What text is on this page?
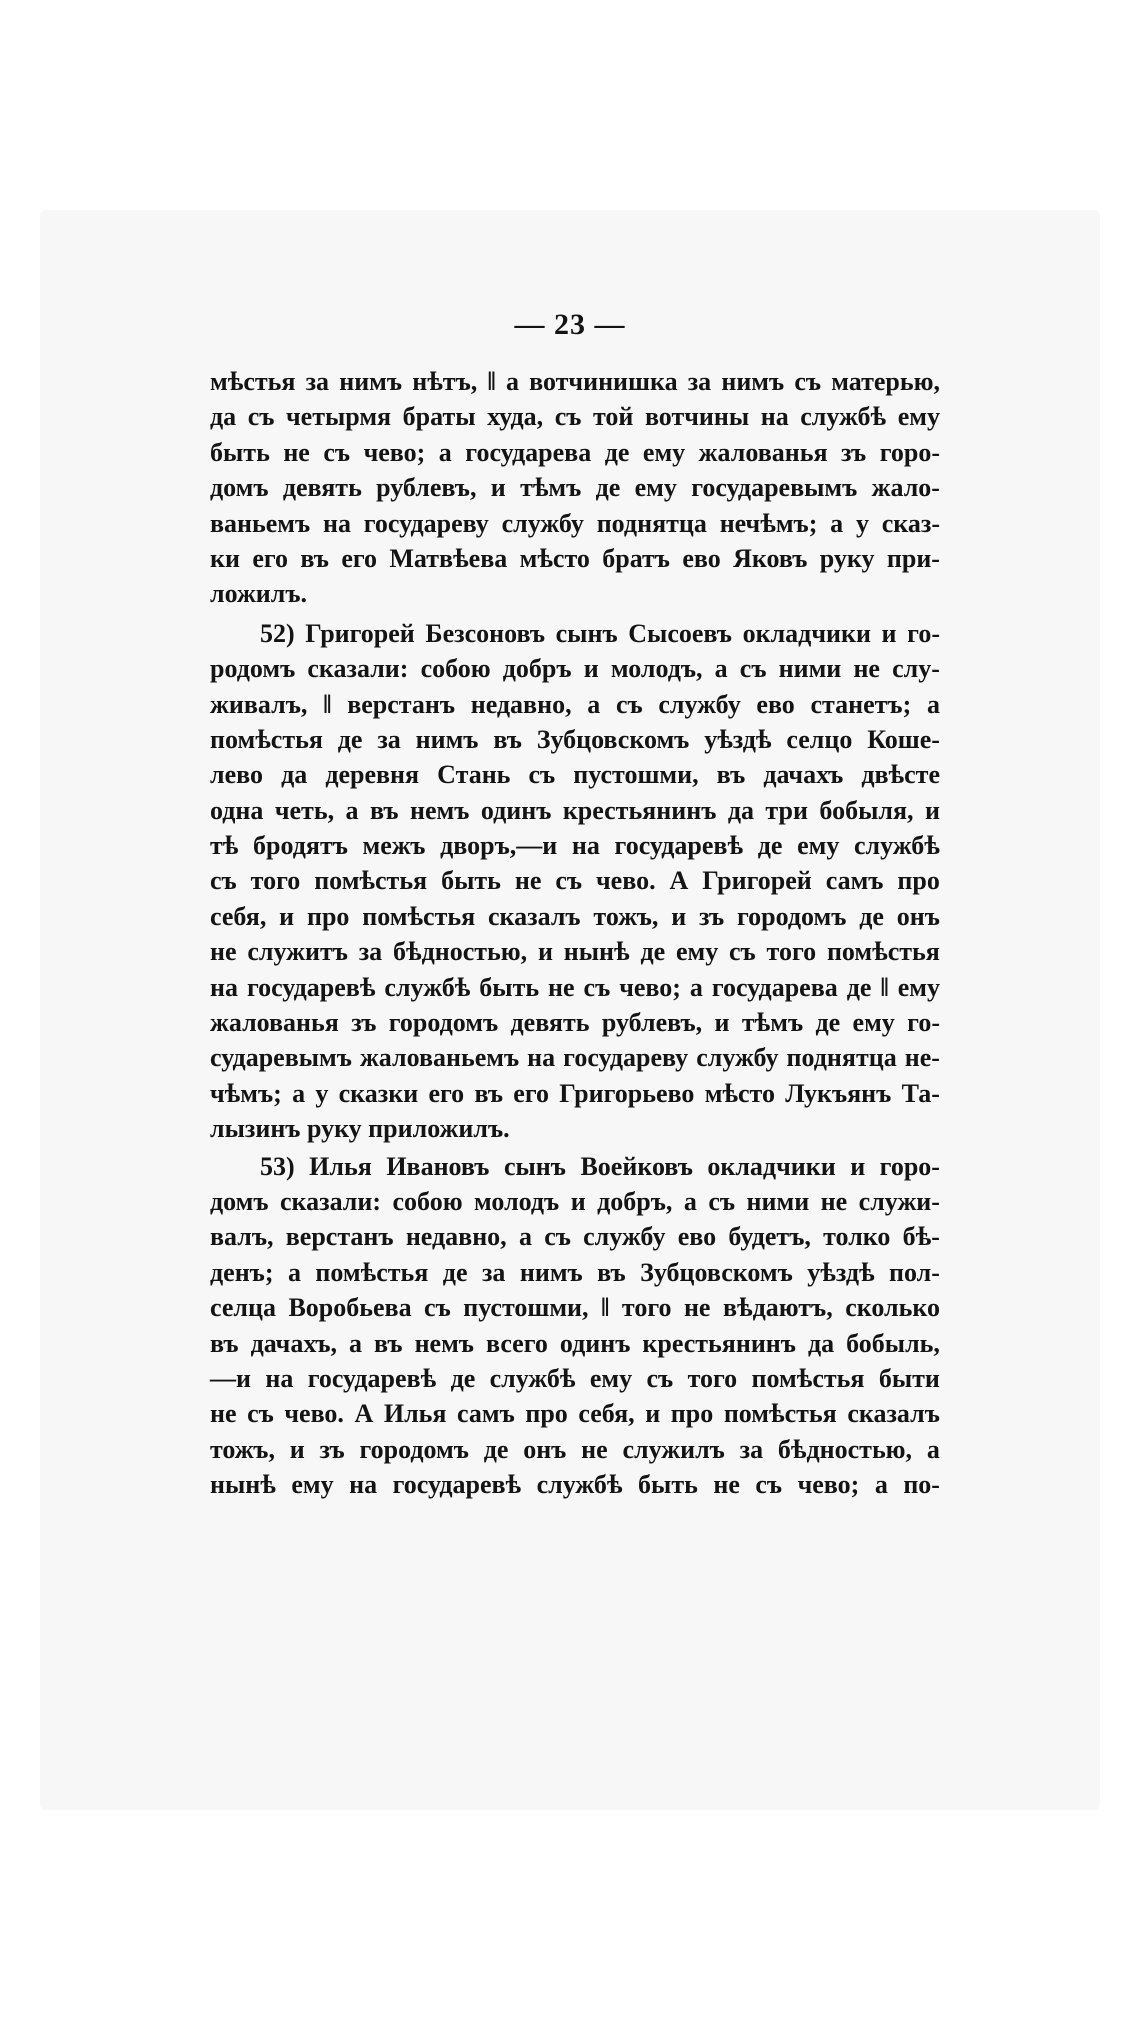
— 23 —
мѣстья за нимъ нѣтъ, ‖ а вотчинишка за нимъ съ матерью,
да съ четырмя браты худа, съ той вотчины на службѣ ему
быть не съ чево; а государева де ему жалованья зъ горо-
домъ девять рублевъ, и тѣмъ де ему государевымъ жало-
ваньемъ на государеву службу поднятца нечѣмъ; а у сказ-
ки его въ его Матвѣева мѣсто братъ ево Яковъ руку при-
ложилъ.
52) Григорей Безсоновъ сынъ Сысоевъ окладчики и го-
родомъ сказали: собою добръ и молодъ, а съ ними не слу-
живалъ, ‖ верстанъ недавно, а съ службу ево станетъ; а
помѣстья де за нимъ въ Зубцовскомъ уѣздѣ селцо Коше-
лево да деревня Стань съ пустошми, въ дачахъ двѣсте
одна четь, а въ немъ одинъ крестьянинъ да три бобыля, и
тѣ бродятъ межъ дворъ,—и на государевѣ де ему службѣ
съ того помѣстья быть не съ чево. А Григорей самъ про
себя, и про помѣстья сказалъ тожъ, и зъ городомъ де онъ
не служитъ за бѣдностью, и нынѣ де ему съ того помѣстья
на государевѣ службѣ быть не съ чево; а государева де ‖ ему
жалованья зъ городомъ девять рублевъ, и тѣмъ де ему го-
сударевымъ жалованьемъ на государеву службу поднятца не-
чѣмъ; а у сказки его въ его Григорьево мѣсто Лукъянъ Та-
лызинъ руку приложилъ.
53) Илья Ивановъ сынъ Воейковъ окладчики и горо-
домъ сказали: собою молодъ и добръ, а съ ними не служи-
валъ, верстанъ недавно, а съ службу ево будетъ, толко бѣ-
денъ; а помѣстья де за нимъ въ Зубцовскомъ уѣздѣ пол-
селца Воробьева съ пустошми, ‖ того не вѣдаютъ, сколько
въ дачахъ, а въ немъ всего одинъ крестьянинъ да бобыль,
—и на государевѣ де службѣ ему съ того помѣстья быти
не съ чево. А Илья самъ про себя, и про помѣстья сказалъ
тожъ, и зъ городомъ де онъ не служилъ за бѣдностью, а
нынѣ ему на государевѣ службѣ быть не съ чево; а по-
